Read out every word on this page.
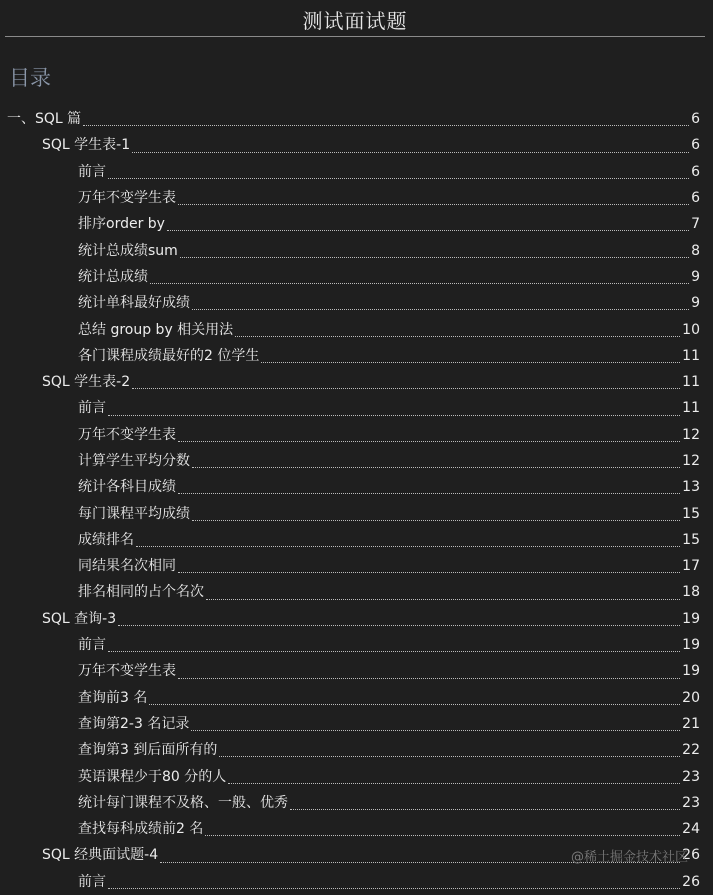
测试面试题
目录
一、SQL 篇	6
SQL 学生表-1	6
前言	6
万年不变学生表	6
排序order by	7
统计总成绩sum	8
统计总成绩	9
统计单科最好成绩	9
总结 group by 相关用法	10
各门课程成绩最好的2 位学生	11
SQL 学生表-2	11
前言	11
万年不变学生表	12
计算学生平均分数	12
统计各科目成绩	13
每门课程平均成绩	15
成绩排名	15
同结果名次相同	17
排名相同的占个名次	18
SQL 查询-3	19
前言	19
万年不变学生表	19
查询前3 名	20
查询第2-3 名记录	21
查询第3 到后面所有的	22
英语课程少于80 分的人	23
统计每门课程不及格、一般、优秀	23
查找每科成绩前2 名	24
SQL 经典面试题-4	26
前言	26
@稀土掘金技术社区
